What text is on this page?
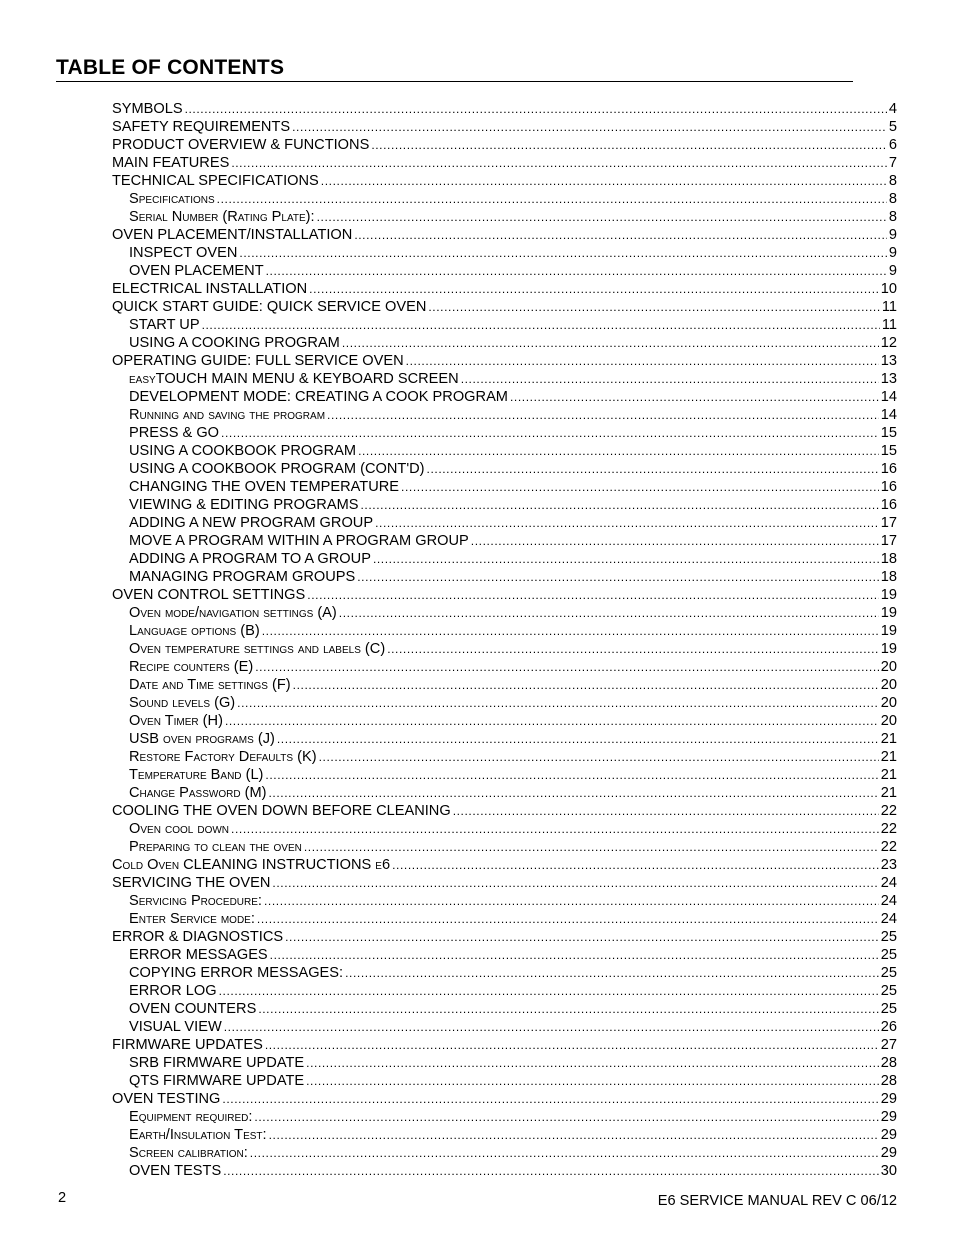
TABLE OF CONTENTS
SYMBOLS .....	4
SAFETY REQUIREMENTS .....	5
PRODUCT OVERVIEW & FUNCTIONS .....	6
MAIN FEATURES .....	7
TECHNICAL SPECIFICATIONS .....	8
Specifications .....	8
Serial Number (Rating Plate): .....	8
OVEN PLACEMENT/INSTALLATION .....	9
INSPECT OVEN .....	9
OVEN PLACEMENT .....	9
ELECTRICAL INSTALLATION .....	10
QUICK START GUIDE: QUICK SERVICE OVEN .....	11
START UP .....	11
USING A COOKING PROGRAM .....	12
OPERATING GUIDE: FULL SERVICE OVEN .....	13
easyTOUCH MAIN MENU & KEYBOARD SCREEN .....	13
DEVELOPMENT MODE: CREATING A COOK PROGRAM .....	14
Running and saving the program .....	14
PRESS & GO .....	15
USING A COOKBOOK PROGRAM .....	15
USING A COOKBOOK PROGRAM (CONT'D) .....	16
CHANGING THE OVEN TEMPERATURE .....	16
VIEWING & EDITING PROGRAMS .....	16
ADDING A NEW PROGRAM GROUP .....	17
MOVE A PROGRAM WITHIN A PROGRAM GROUP .....	17
ADDING A PROGRAM TO A GROUP .....	18
MANAGING PROGRAM GROUPS .....	18
OVEN CONTROL SETTINGS .....	19
Oven mode/navigation settings (A) .....	19
Language options (B) .....	19
Oven temperature settings and labels (C) .....	19
Recipe counters (E) .....	20
Date and Time settings (F) .....	20
Sound levels (G) .....	20
Oven Timer (H) .....	20
USB oven programs (J) .....	21
Restore Factory Defaults (K) .....	21
Temperature Band (L) .....	21
Change Password (M) .....	21
COOLING THE OVEN DOWN BEFORE CLEANING .....	22
Oven cool down .....	22
Preparing to clean the oven .....	22
Cold Oven CLEANING INSTRUCTIONS e6 .....	23
SERVICING THE OVEN .....	24
Servicing Procedure: .....	24
Enter Service mode: .....	24
ERROR & DIAGNOSTICS .....	25
ERROR MESSAGES .....	25
COPYING ERROR MESSAGES: .....	25
ERROR LOG .....	25
OVEN COUNTERS .....	25
VISUAL VIEW .....	26
FIRMWARE UPDATES .....	27
SRB FIRMWARE UPDATE .....	28
QTS FIRMWARE UPDATE .....	28
OVEN TESTING .....	29
Equipment required: .....	29
Earth/Insulation Test: .....	29
Screen calibration: .....	29
OVEN TESTS .....	30
2	E6 SERVICE MANUAL REV C 06/12
